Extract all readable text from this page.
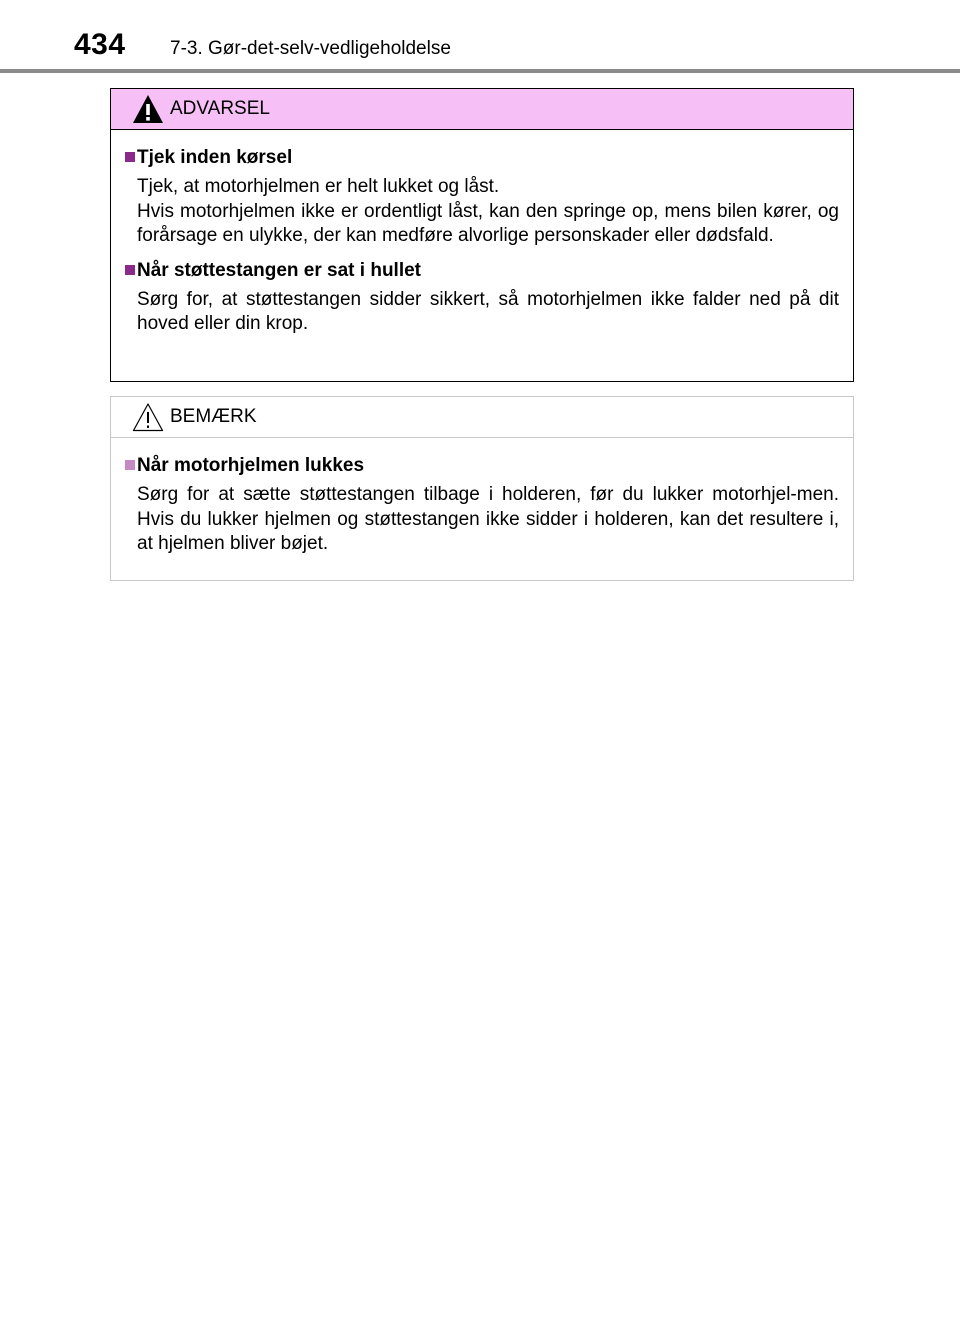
434 7-3. Gør-det-selv-vedligeholdelse
ADVARSEL
Tjek inden kørsel

Tjek, at motorhjelmen er helt lukket og låst.

Hvis motorhjelmen ikke er ordentligt låst, kan den springe op, mens bilen kører, og forårsage en ulykke, der kan medføre alvorlige personskader eller dødsfald.

Når støttestangen er sat i hullet

Sørg for, at støttestangen sidder sikkert, så motorhjelmen ikke falder ned på dit hoved eller din krop.

BEMÆRK
Når motorhjelmen lukkes

Sørg for at sætte støttestangen tilbage i holderen, før du lukker motorhjel-men. Hvis du lukker hjelmen og støttestangen ikke sidder i holderen, kan det resultere i, at hjelmen bliver bøjet.
